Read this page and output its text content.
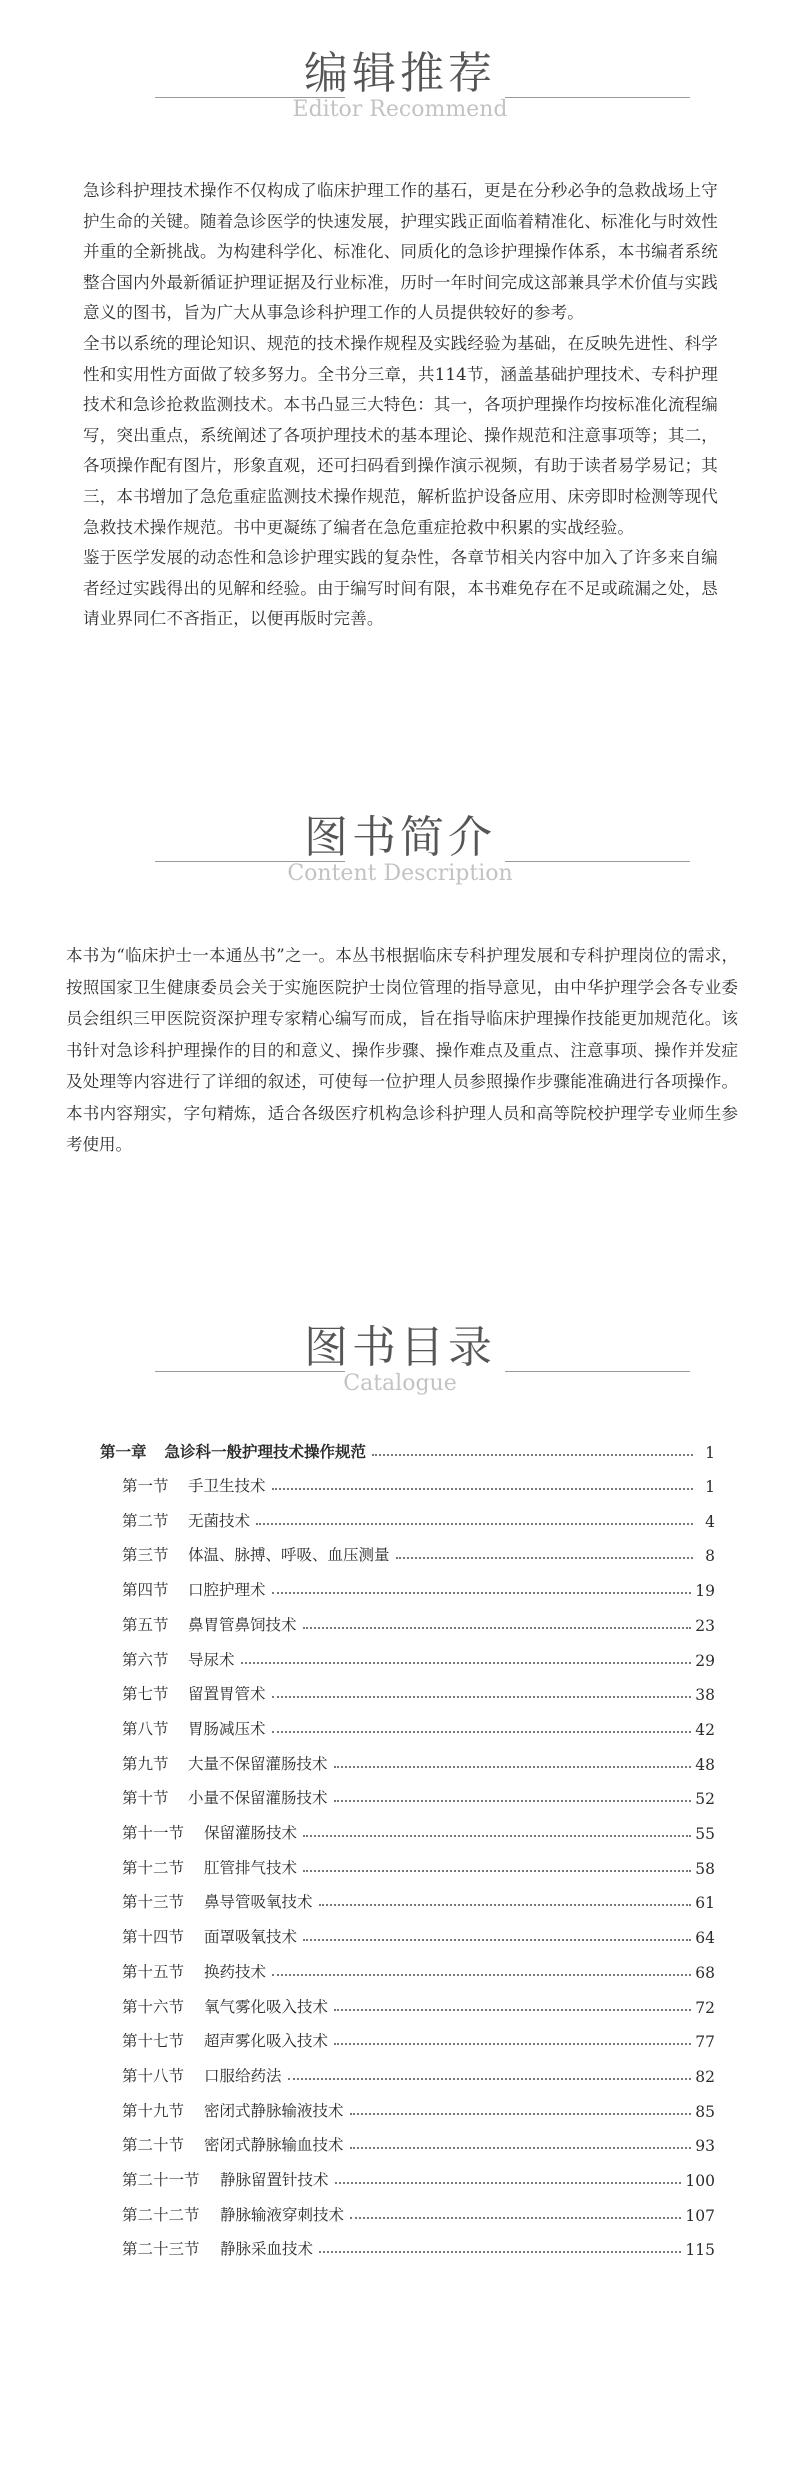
编辑推荐
Editor Recommend

急诊科护理技术操作不仅构成了临床护理工作的基石，更是在分秒必争的急救战场上守护生命的关键。随着急诊医学的快速发展，护理实践正面临着精准化、标准化与时效性并重的全新挑战。为构建科学化、标准化、同质化的急诊护理操作体系，本书编者系统整合国内外最新循证护理证据及行业标准，历时一年时间完成这部兼具学术价值与实践意义的图书，旨为广大从事急诊科护理工作的人员提供较好的参考。

全书以系统的理论知识、规范的技术操作规程及实践经验为基础，在反映先进性、科学性和实用性方面做了较多努力。全书分三章，共114节，涵盖基础护理技术、专科护理技术和急诊抢救监测技术。本书凸显三大特色：其一，各项护理操作均按标准化流程编写，突出重点，系统阐述了各项护理技术的基本理论、操作规范和注意事项等；其二，各项操作配有图片，形象直观，还可扫码看到操作演示视频，有助于读者易学易记；其三，本书增加了急危重症监测技术操作规范，解析监护设备应用、床旁即时检测等现代急救技术操作规范。书中更凝练了编者在急危重症抢救中积累的实战经验。

鉴于医学发展的动态性和急诊护理实践的复杂性，各章节相关内容中加入了许多来自编者经过实践得出的见解和经验。由于编写时间有限，本书难免存在不足或疏漏之处，恳请业界同仁不吝指正，以便再版时完善。

图书简介
Content Description

本书为“临床护士一本通丛书”之一。本丛书根据临床专科护理发展和专科护理岗位的需求，按照国家卫生健康委员会关于实施医院护士岗位管理的指导意见，由中华护理学会各专业委员会组织三甲医院资深护理专家精心编写而成，旨在指导临床护理操作技能更加规范化。该书针对急诊科护理操作的目的和意义、操作步骤、操作难点及重点、注意事项、操作并发症及处理等内容进行了详细的叙述，可使每一位护理人员参照操作步骤能准确进行各项操作。本书内容翔实，字句精炼，适合各级医疗机构急诊科护理人员和高等院校护理学专业师生参考使用。

图书目录
Catalogue
第一章 急诊科一般护理技术操作规范	1
第一节	手卫生技术	1
第二节	无菌技术	4
第三节	体温、脉搏、呼吸、血压测量	8
第四节	口腔护理术	19
第五节	鼻胃管鼻饲技术	23
第六节	导尿术	29
第七节	留置胃管术	38
第八节	胃肠减压术	42
第九节	大量不保留灌肠技术	48
第十节	小量不保留灌肠技术	52
第十一节	保留灌肠技术	55
第十二节	肛管排气技术	58
第十三节	鼻导管吸氧技术	61
第十四节	面罩吸氧技术	64
第十五节	换药技术	68
第十六节	氧气雾化吸入技术	72
第十七节	超声雾化吸入技术	77
第十八节	口服给药法	82
第十九节	密闭式静脉输液技术	85
第二十节	密闭式静脉输血技术	93
第二十一节	静脉留置针技术	100
第二十二节	静脉输液穿刺技术	107
第二十三节	静脉采血技术	115
